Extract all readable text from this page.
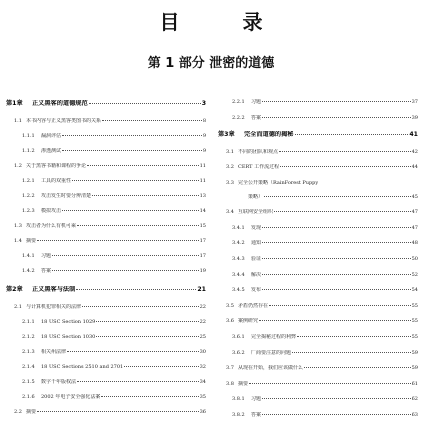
目 录
第 1 部分 泄密的道德
第1章	正义黑客的道德规范	3
1.1 本书内容与正义黑客类图书的关系	8
1.1.1	漏洞评估	9
1.1.2	渗透测试	9
1.2 关于黑客书籍和课程的争论	11
1.2.1	工具的双重性	11
1.2.2	攻击发生时要分辨清楚	13
1.2.3	模拟攻击	14
1.3 攻击者为什么有机可乘	15
1.4 摘要	17
1.4.1	习题	17
1.4.2	答案	19
第2章	正义黑客与法制	21
2.1 与计算机犯罪相关的法律	22
2.1.1	18 USC Section 1029	22
2.1.2	18 USC Section 1030	25
2.1.3	相关州法律	30
2.1.4	18 USC Sections 2510 and 2701	32
2.1.5	数字千年版权法	34
2.1.6	2002 年电子安全强化法案	35
2.2 摘要	36
2.2.1	习题	37
2.2.2	答案	39
第3章	完全而道德的揭秘	41
3.1 不同的团队和观点	42
3.2 CERT 工作流过程	44
3.3 完全公开策略（RainForest Puppy
策略）	45
3.4 互联网安全组织	47
3.4.1	发现	47
3.4.2	通知	48
3.4.3	验证	50
3.4.4	解决	52
3.4.5	发布	54
3.5 矛盾仍然存在	55
3.6 案例研究	55
3.6.1	完全揭秘过程的利弊	55
3.6.2	厂商要注意的问题	59
3.7 从现在开始，我们应该做什么	59
3.8 摘要	61
3.8.1	习题	62
3.8.2	答案	63
